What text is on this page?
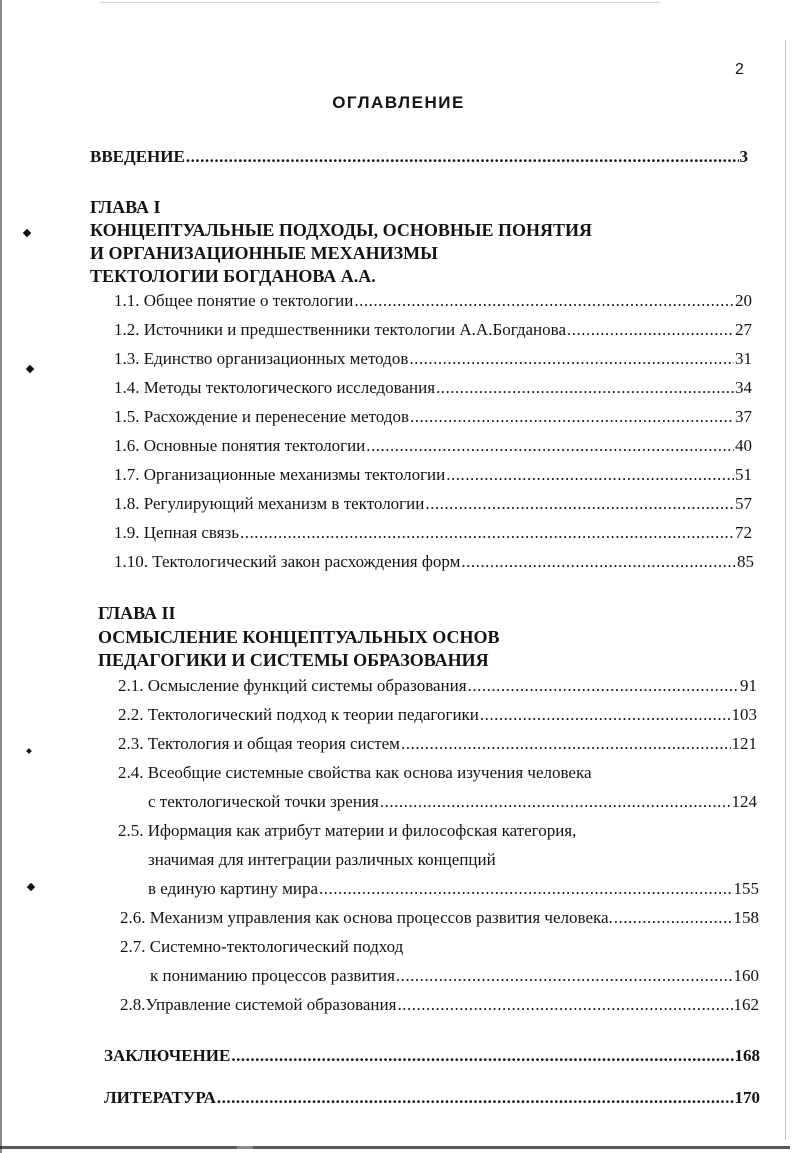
2
ОГЛАВЛЕНИЕ
ВВЕДЕНИЕ .....	3
ГЛАВА I
КОНЦЕПТУАЛЬНЫЕ ПОДХОДЫ, ОСНОВНЫЕ ПОНЯТИЯ
И ОРГАНИЗАЦИОННЫЕ МЕХАНИЗМЫ
ТЕКТОЛОГИИ БОГДАНОВА А.А.
1.1. Общее понятие о тектологии .....	20
1.2. Источники и предшественники тектологии А.А.Богданова .....	27
1.3. Единство организационных методов .....	31
1.4. Методы тектологического исследования .....	34
1.5. Расхождение и перенесение методов .....	37
1.6. Основные понятия тектологии .....	40
1.7. Организационные механизмы тектологии .....	51
1.8. Регулирующий механизм в тектологии .....	57
1.9. Цепная связь .....	72
1.10. Тектологический закон расхождения форм .....	85
ГЛАВА II
ОСМЫСЛЕНИЕ КОНЦЕПТУАЛЬНЫХ ОСНОВ
ПЕДАГОГИКИ И СИСТЕМЫ ОБРАЗОВАНИЯ
2.1. Осмысление функций системы образования .....	91
2.2. Тектологический подход к теории педагогики .....	103
2.3. Тектология и общая теория систем .....	121
2.4. Всеобщие системные свойства как основа изучения человека
с тектологической точки зрения .....	124
2.5. Иформация как атрибут материи и философская категория,
значимая для интеграции различных концепций
в единую картину мира .....	155
2.6. Механизм управления как основа процессов развития человека. .....	158
2.7. Системно-тектологический подход
к пониманию процессов развития .....	160
2.8.Управление системой образования .....	162
ЗАКЛЮЧЕНИЕ .....	168
ЛИТЕРАТУРА .....	170
